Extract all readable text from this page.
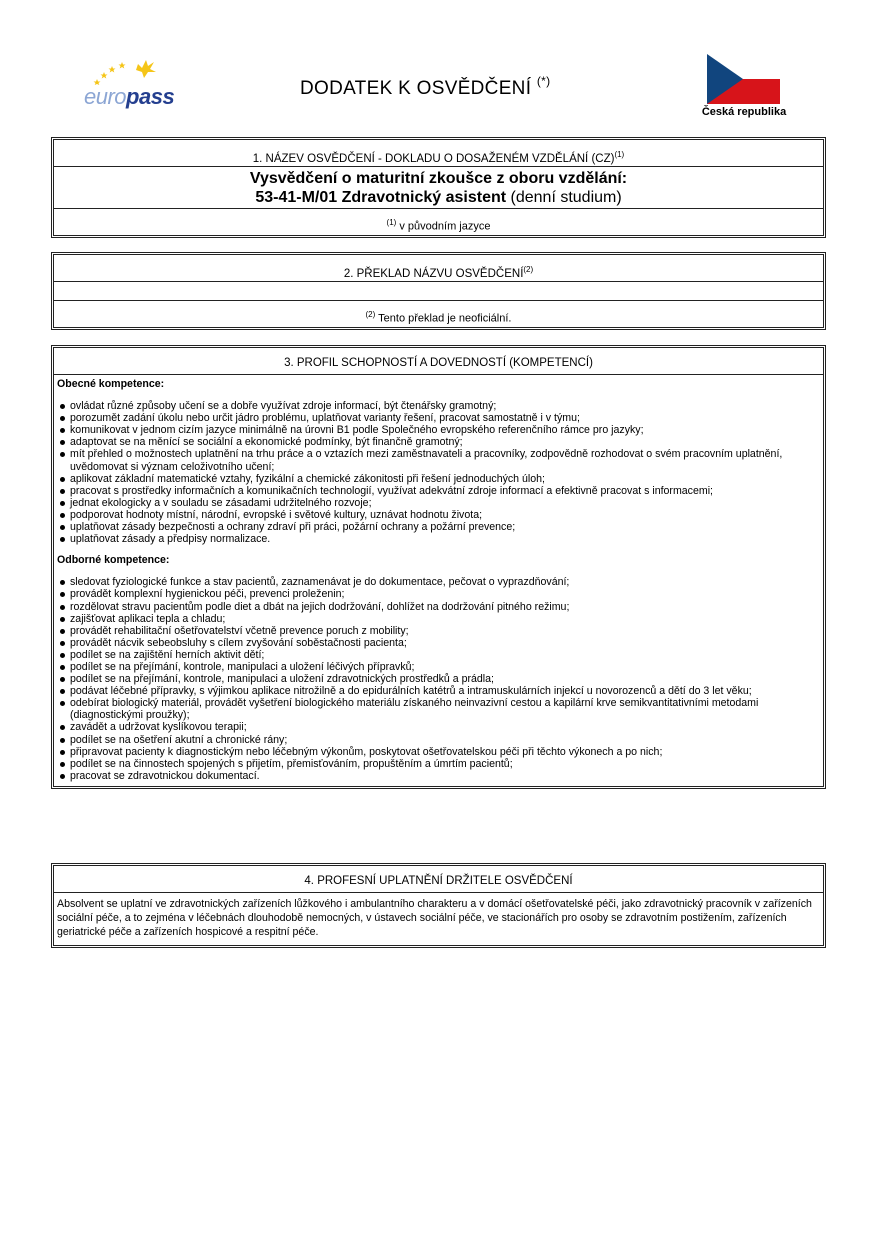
europass	DODATEK K OSVĚDČENÍ (*)
Česká republika
1. NÁZEV OSVĚDČENÍ - DOKLADU O DOSAŽENÉM VZDĚLÁNÍ (CZ)$^{(1)}$
Vysvědčení o maturitní zkoušce z oboru vzdělání:
53-41-M/01 Zdravotnický asistent (denní studium)
$^{(1)}$ v původním jazyce
2. PŘEKLAD NÁZVU OSVĚDČENÍ$^{(2)}$
$^{(2)}$ Tento překlad je neoficiální.
3. PROFIL SCHOPNOSTÍ A DOVEDNOSTÍ (KOMPETENCÍ)
Obecné kompetence:
ovládat různé způsoby učení se a dobře využívat zdroje informací, být čtenářsky gramotný;
porozumět zadání úkolu nebo určit jádro problému, uplatňovat varianty řešení, pracovat samostatně i v týmu;
komunikovat v jednom cizím jazyce minimálně na úrovni B1 podle Společného evropského referenčního rámce pro jazyky;
adaptovat se na měnící se sociální a ekonomické podmínky, být finančně gramotný;
mít přehled o možnostech uplatnění na trhu práce a o vztazích mezi zaměstnavateli a pracovníky, zodpovědně rozhodovat o svém pracovním uplatnění, uvědomovat si význam celoživotního učení;
aplikovat základní matematické vztahy, fyzikální a chemické zákonitosti při řešení jednoduchých úloh;
pracovat s prostředky informačních a komunikačních technologií, využívat adekvátní zdroje informací a efektivně pracovat s informacemi;
jednat ekologicky a v souladu se zásadami udržitelného rozvoje;
podporovat hodnoty místní, národní, evropské i světové kultury, uznávat hodnotu života;
uplatňovat zásady bezpečnosti a ochrany zdraví při práci, požární ochrany a požární prevence;
uplatňovat zásady a předpisy normalizace.
Odborné kompetence:
sledovat fyziologické funkce a stav pacientů, zaznamenávat je do dokumentace, pečovat o vyprazdňování;
provádět komplexní hygienickou péči, prevenci proleženin;
rozdělovat stravu pacientům podle diet a dbát na jejich dodržování, dohlížet na dodržování pitného režimu;
zajišťovat aplikaci tepla a chladu;
provádět rehabilitační ošetřovatelství včetně prevence poruch z mobility;
provádět nácvik sebeobsluhy s cílem zvyšování soběstačnosti pacienta;
podílet se na zajištění herních aktivit dětí;
podílet se na přejímání, kontrole, manipulaci a uložení léčivých přípravků;
podílet se na přejímání, kontrole, manipulaci a uložení zdravotnických prostředků a prádla;
podávat léčebné přípravky, s výjimkou aplikace nitrožilně a do epidurálních katétrů a intramuskulárních injekcí u novorozenců a dětí do 3 let věku;
odebírat biologický materiál, provádět vyšetření biologického materiálu získaného neinvazivní cestou a kapilární krve semikvantitativními metodami (diagnostickými proužky);
zavádět a udržovat kyslíkovou terapii;
podílet se na ošetření akutní a chronické rány;
připravovat pacienty k diagnostickým nebo léčebným výkonům, poskytovat ošetřovatelskou péči při těchto výkonech a po nich;
podílet se na činnostech spojených s přijetím, přemisťováním, propuštěním a úmrtím pacientů;
pracovat se zdravotnickou dokumentací.
4. PROFESNÍ UPLATNĚNÍ DRŽITELE OSVĚDČENÍ
Absolvent se uplatní ve zdravotnických zařízeních lůžkového i ambulantního charakteru a v domácí ošetřovatelské péči, jako zdravotnický pracovník v zařízeních sociální péče, a to zejména v léčebnách dlouhodobě nemocných, v ústavech sociální péče, ve stacionářích pro osoby se zdravotním postižením, zařízeních geriatrické péče a zařízeních hospicové a respitní péče.
